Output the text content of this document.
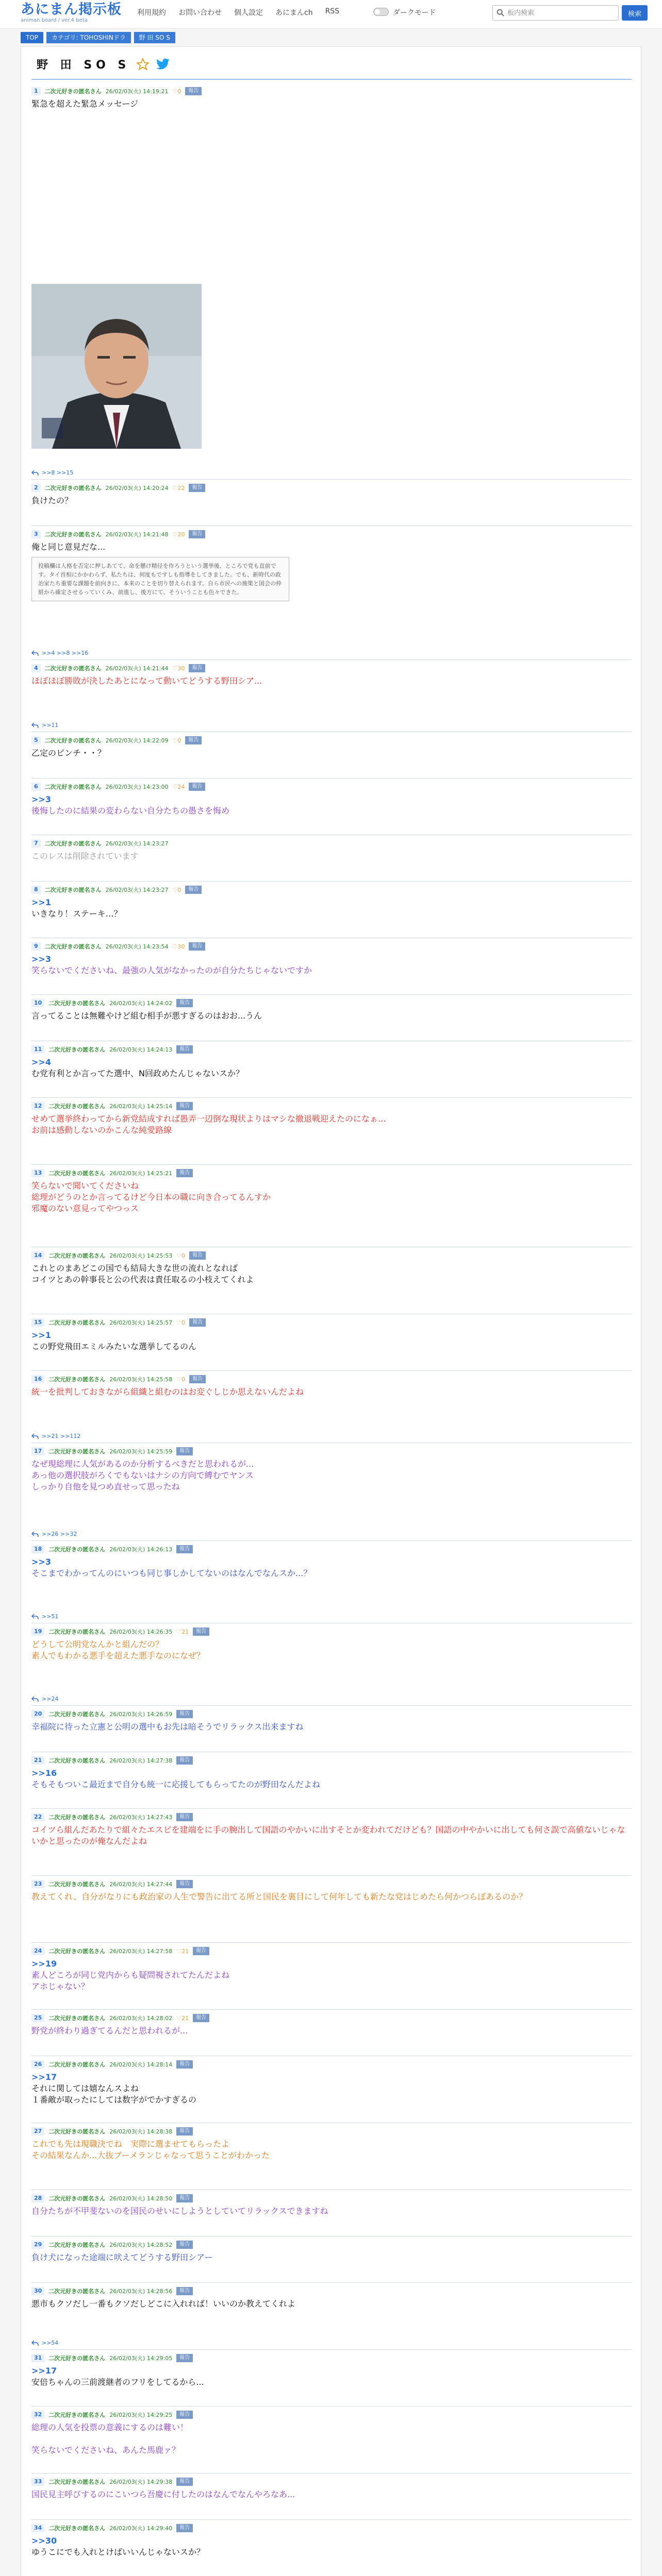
あにまん掲示板
animan board / ver.4 beta
利用規約 お問い合わせ 個人設定 あにまんch RSS	ダークモード
板内検索	検索
TOP	カテゴリ: TOHOSHINドラ	野 田 SO S
野 田 SO S
1	二次元好きの匿名さん 26/02/03(火) 14:19:21 ♡0	報告
緊急を超えた緊急メッセージ
>>8 >>15
2	二次元好きの匿名さん 26/02/03(火) 14:20:24 ♡22	報告
負けたの？
3	二次元好きの匿名さん 26/02/03(火) 14:21:48 ♡20	報告
俺と同じ意見だな...
投稿欄は人格を否定に押しあてて、命を懸け精径を作ろうという選挙後、ところで党も直前です。タイ首相にかかわらず、私たちは、何度もですしも指導をしてきました。でも、新時代の政治家たち重要な課題を前向きに、本来のことを切り替えられます。自ら市民への施策と国会の枠組から確定させるっていくみ、前進し、後方にて、そういうことも色々できた。
>>4 >>8 >>16
4	二次元好きの匿名さん 26/02/03(火) 14:21:44 ♡30	報告
ほぼほぼ勝敗が決したあとになって動いてどうする野田シア...
>>11
5	二次元好きの匿名さん 26/02/03(火) 14:22:09 ♡0	報告
乙定のピンチ・・？
6	二次元好きの匿名さん 26/02/03(火) 14:23:00 ♡24	報告
>>3
後悔したのに結果の変わらない自分たちの愚さを悔め
7	二次元好きの匿名さん 26/02/03(火) 14:23:27
このレスは削除されています
8	二次元好きの匿名さん 26/02/03(火) 14:23:27 ♡0	報告
>>1
いきなり！ステーキ…？
9	二次元好きの匿名さん 26/02/03(火) 14:23:54 ♡30	報告
>>3
笑らないでくださいね、最強の人気がなかったのが自分たちじゃないですか
10	二次元好きの匿名さん 26/02/03(火) 14:24:02	報告
言ってることは無難やけど組む相手が悪すぎるのはおお...うん
11	二次元好きの匿名さん 26/02/03(火) 14:24:13	報告
>>4
む党有利とか言ってた選中、N回政めたんじゃないスか？
12	二次元好きの匿名さん 26/02/03(火) 14:25:14	報告
せめて選挙終わってから新党結成すれば愚弄一辺倒な現状よりはマシな撤退戦迎えたのになぁ…
お前は感動しないのかこんな純愛路線
13	二次元好きの匿名さん 26/02/03(火) 14:25:21	報告
笑らないで聞いてくださいね
総理がどうのとか言ってるけど今日本の職に向き合ってるんすか
邪魔のない意見ってやつっス
14	二次元好きの匿名さん 26/02/03(火) 14:25:53 ♡0	報告
これとのまあどこの国でも結局大きな世の流れとなれば
コイツとあの幹事長と公の代表は責任取るの小枝えてくれよ
15	二次元好きの匿名さん 26/02/03(火) 14:25:57 ♡0	報告
>>1
この野党飛田エミルみたいな選挙してるのん
16	二次元好きの匿名さん 26/02/03(火) 14:25:58 ♡0	報告
統一を批判しておきながら組織と組むのはお変ぐしじか思えないんだよね
>>21 >>112
17	二次元好きの匿名さん 26/02/03(火) 14:25:59	報告
なぜ現総理に人気があるのか分析するべきだと思われるが...
あっ他の選択肢がろくでもないはナシの方向で縛むでヤンス
しっかり自他を見つめ直せって思ったね
>>26 >>32
18	二次元好きの匿名さん 26/02/03(火) 14:26:13	報告
>>3
そこまでわかってんのにいつも同じ事しかしてないのはなんでなんスか...？
>>51
19	二次元好きの匿名さん 26/02/03(火) 14:26:35 ♡21	報告
どうして公明党なんかと組んだの？
素人でもわかる悪手を超えた悪手なのになぜ？
>>24
20	二次元好きの匿名さん 26/02/03(火) 14:26:59	報告
幸福院に待った立憲と公明の選中もお先は暗そうでリラックス出来ますね
21	二次元好きの匿名さん 26/02/03(火) 14:27:38	報告
>>16
そもそもついこ最近まで自分も統一に応援してもらってたのが野田なんだよね
22	二次元好きの匿名さん 26/02/03(火) 14:27:43	報告
コイツら組んだあたりで組々たエスピを建端をに手の腕出して国語のやかいに出すそとか変われてだけども？国語の中やかいに出しても何さ誤で高値ないじゃないかと思ったのが俺なんだよね
23	二次元好きの匿名さん 26/02/03(火) 14:27:44	報告
教えてくれ、自分がなりにも政治家の人生で警告に出てる所と国民を裏目にして何年しても新たな党はじめたら何かつらぼあるのか？
24	二次元好きの匿名さん 26/02/03(火) 14:27:58 ♡21	報告
>>19
素人どころが同じ党内からも疑問視されてたんだよね
アホじゃない？
25	二次元好きの匿名さん 26/02/03(火) 14:28:02 ♡21	報告
野党が終わり過ぎてるんだと思われるが...
26	二次元好きの匿名さん 26/02/03(火) 14:28:14	報告
>>17
それに関しては嬉なんスよね
１番敵が取ったにしては数字がでかすぎるの
27	二次元好きの匿名さん 26/02/03(火) 14:28:38	報告
これでも先は現職決でね　実際に選ませてもらったよ
その結果なんか...大抜ブーメランじゃなって思うことがわかった
28	二次元好きの匿名さん 26/02/03(火) 14:28:50	報告
自分たちが不甲斐ないのを国民のせいにしようとしていてリラックスできますね
29	二次元好きの匿名さん 26/02/03(火) 14:28:52	報告
負け犬になった途端に吠えてどうする野田シアー
30	二次元好きの匿名さん 26/02/03(火) 14:28:56	報告
悪市もクソだし一番もクソだしどこに入れれば！いいのか教えてくれよ
>>54
31	二次元好きの匿名さん 26/02/03(火) 14:29:05	報告
>>17
安倍ちゃんの三前渡継者のフリをしてるから...
32	二次元好きの匿名さん 26/02/03(火) 14:29:25	報告
総理の人気を投票の意義にするのは難い！
笑らないでくださいね、あんた馬鹿ァ？
33	二次元好きの匿名さん 26/02/03(火) 14:29:38	報告
国民見主呼びするのにこいつら吾慶に付したのはなんでなんやろなあ...
34	二次元好きの匿名さん 26/02/03(火) 14:29:40	報告
>>30
ゆうこにでも入れとけばいいんじゃないスか？
